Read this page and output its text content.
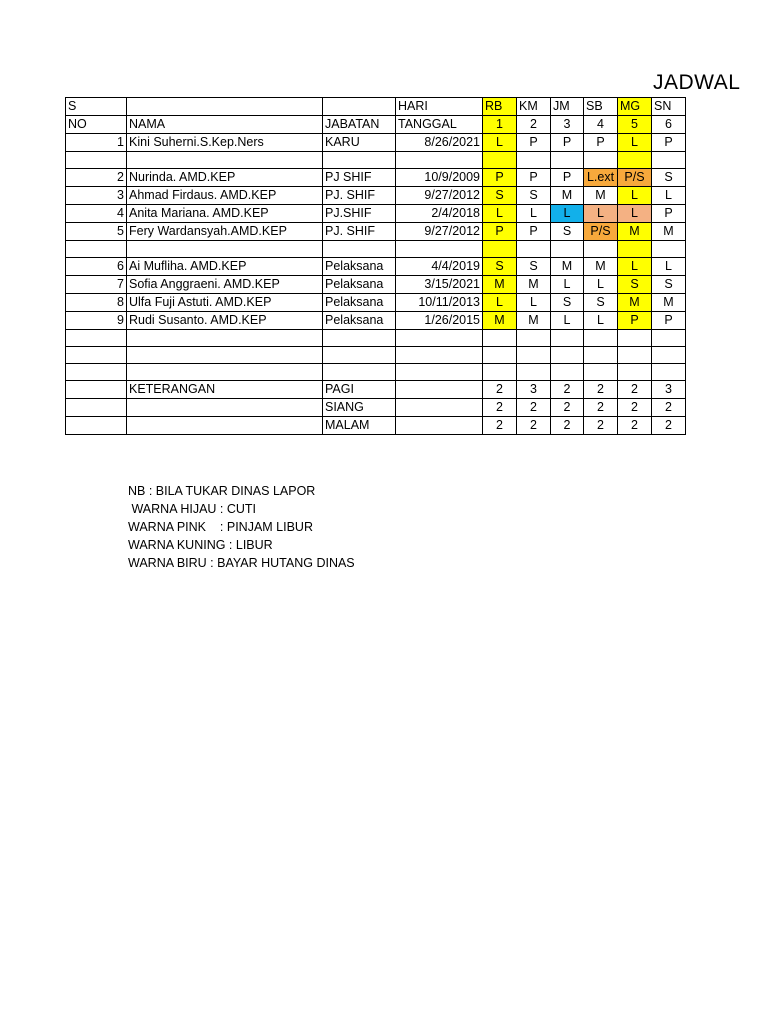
JADWAL
S			HARI	RB	KM	JM	SB	MG	SN
NO	NAMA	JABATAN	TANGGAL	1	2	3	4	5	6
1	Kini Suherni.S.Kep.Ners	KARU	8/26/2021	L	P	P	P	L	P

2	Nurinda. AMD.KEP	PJ SHIF	10/9/2009	P	P	P	L.ext	P/S	S
3	Ahmad Firdaus. AMD.KEP	PJ. SHIF	9/27/2012	S	S	M	M	L	L
4	Anita Mariana. AMD.KEP	PJ.SHIF	2/4/2018	L	L	L	L	L	P
5	Fery Wardansyah.AMD.KEP	PJ. SHIF	9/27/2012	P	P	S	P/S	M	M

6	Ai Mufliha. AMD.KEP	Pelaksana	4/4/2019	S	S	M	M	L	L
7	Sofia Anggraeni. AMD.KEP	Pelaksana	3/15/2021	M	M	L	L	S	S
8	Ulfa Fuji Astuti. AMD.KEP	Pelaksana	10/11/2013	L	L	S	S	M	M
9	Rudi Susanto. AMD.KEP	Pelaksana	1/26/2015	M	M	L	L	P	P

	KETERANGAN	PAGI		2	3	2	2	2	3
		SIANG		2	2	2	2	2	2
		MALAM		2	2	2	2	2	2
NB : BILA TUKAR DINAS LAPOR
WARNA HIJAU : CUTI
WARNA PINK    : PINJAM LIBUR
WARNA KUNING : LIBUR
WARNA BIRU : BAYAR HUTANG DINAS
